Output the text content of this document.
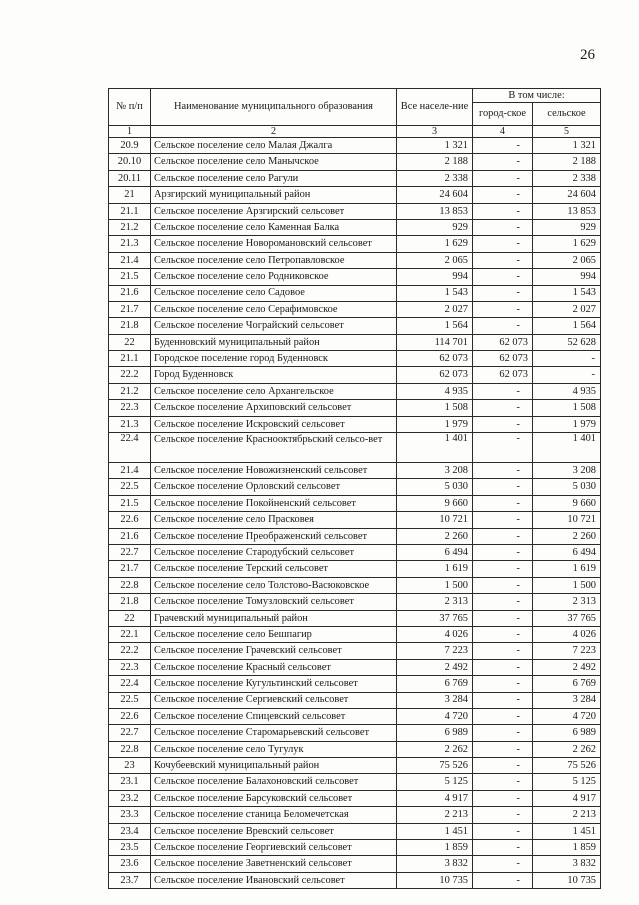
26
№ п/п	Наименование муниципального образования	Все населе-ние	В том числе:	
			город-ское	сельское
1	2	3	4	5
20.9	Сельское поселение село Малая Джалга	1 321	-	1 321
20.10	Сельское поселение село Манычское	2 188	-	2 188
20.11	Сельское поселение село Рагули	2 338	-	2 338
21	Арзгирский муниципальный район	24 604	-	24 604
21.1	Сельское поселение Арзгирский сельсовет	13 853	-	13 853
21.2	Сельское поселение село Каменная Балка	929	-	929
21.3	Сельское поселение Новоромановский сельсовет	1 629	-	1 629
21.4	Сельское поселение село Петропавловское	2 065	-	2 065
21.5	Сельское поселение село Родниковское	994	-	994
21.6	Сельское поселение село Садовое	1 543	-	1 543
21.7	Сельское поселение село Серафимовское	2 027	-	2 027
21.8	Сельское поселение Чограйский сельсовет	1 564	-	1 564
22	Буденновский муниципальный район	114 701	62 073	52 628
21.1	Городское поселение город Буденновск	62 073	62 073	-
22.2	Город Буденновск	62 073	62 073	-
21.2	Сельское поселение село Архангельское	4 935	-	4 935
22.3	Сельское поселение Архиповский сельсовет	1 508	-	1 508
21.3	Сельское поселение Искровский сельсовет	1 979	-	1 979
22.4	Сельское поселение Краснооктябрьский сельсо-вет	1 401	-	1 401
21.4	Сельское поселение Новожизненский сельсовет	3 208	-	3 208
22.5	Сельское поселение Орловский сельсовет	5 030	-	5 030
21.5	Сельское поселение Покойненский сельсовет	9 660	-	9 660
22.6	Сельское поселение село Прасковея	10 721	-	10 721
21.6	Сельское поселение Преображенский сельсовет	2 260	-	2 260
22.7	Сельское поселение Стародубский сельсовет	6 494	-	6 494
21.7	Сельское поселение Терский сельсовет	1 619	-	1 619
22.8	Сельское поселение село Толстово-Васюковское	1 500	-	1 500
21.8	Сельское поселение Томузловский сельсовет	2 313	-	2 313
22	Грачевский муниципальный район	37 765	-	37 765
22.1	Сельское поселение село Бешпагир	4 026	-	4 026
22.2	Сельское поселение Грачевский сельсовет	7 223	-	7 223
22.3	Сельское поселение Красный сельсовет	2 492	-	2 492
22.4	Сельское поселение Кугультинский сельсовет	6 769	-	6 769
22.5	Сельское поселение Сергиевский сельсовет	3 284	-	3 284
22.6	Сельское поселение Спицевский сельсовет	4 720	-	4 720
22.7	Сельское поселение Старомарьевский сельсовет	6 989	-	6 989
22.8	Сельское поселение село Тугулук	2 262	-	2 262
23	Кочубеевский муниципальный район	75 526	-	75 526
23.1	Сельское поселение Балахоновский сельсовет	5 125	-	5 125
23.2	Сельское поселение Барсуковский сельсовет	4 917	-	4 917
23.3	Сельское поселение станица Беломечетская	2 213	-	2 213
23.4	Сельское поселение Вревский сельсовет	1 451	-	1 451
23.5	Сельское поселение Георгиевский сельсовет	1 859	-	1 859
23.6	Сельское поселение Заветненский сельсовет	3 832	-	3 832
23.7	Сельское поселение Ивановский сельсовет	10 735	-	10 735
